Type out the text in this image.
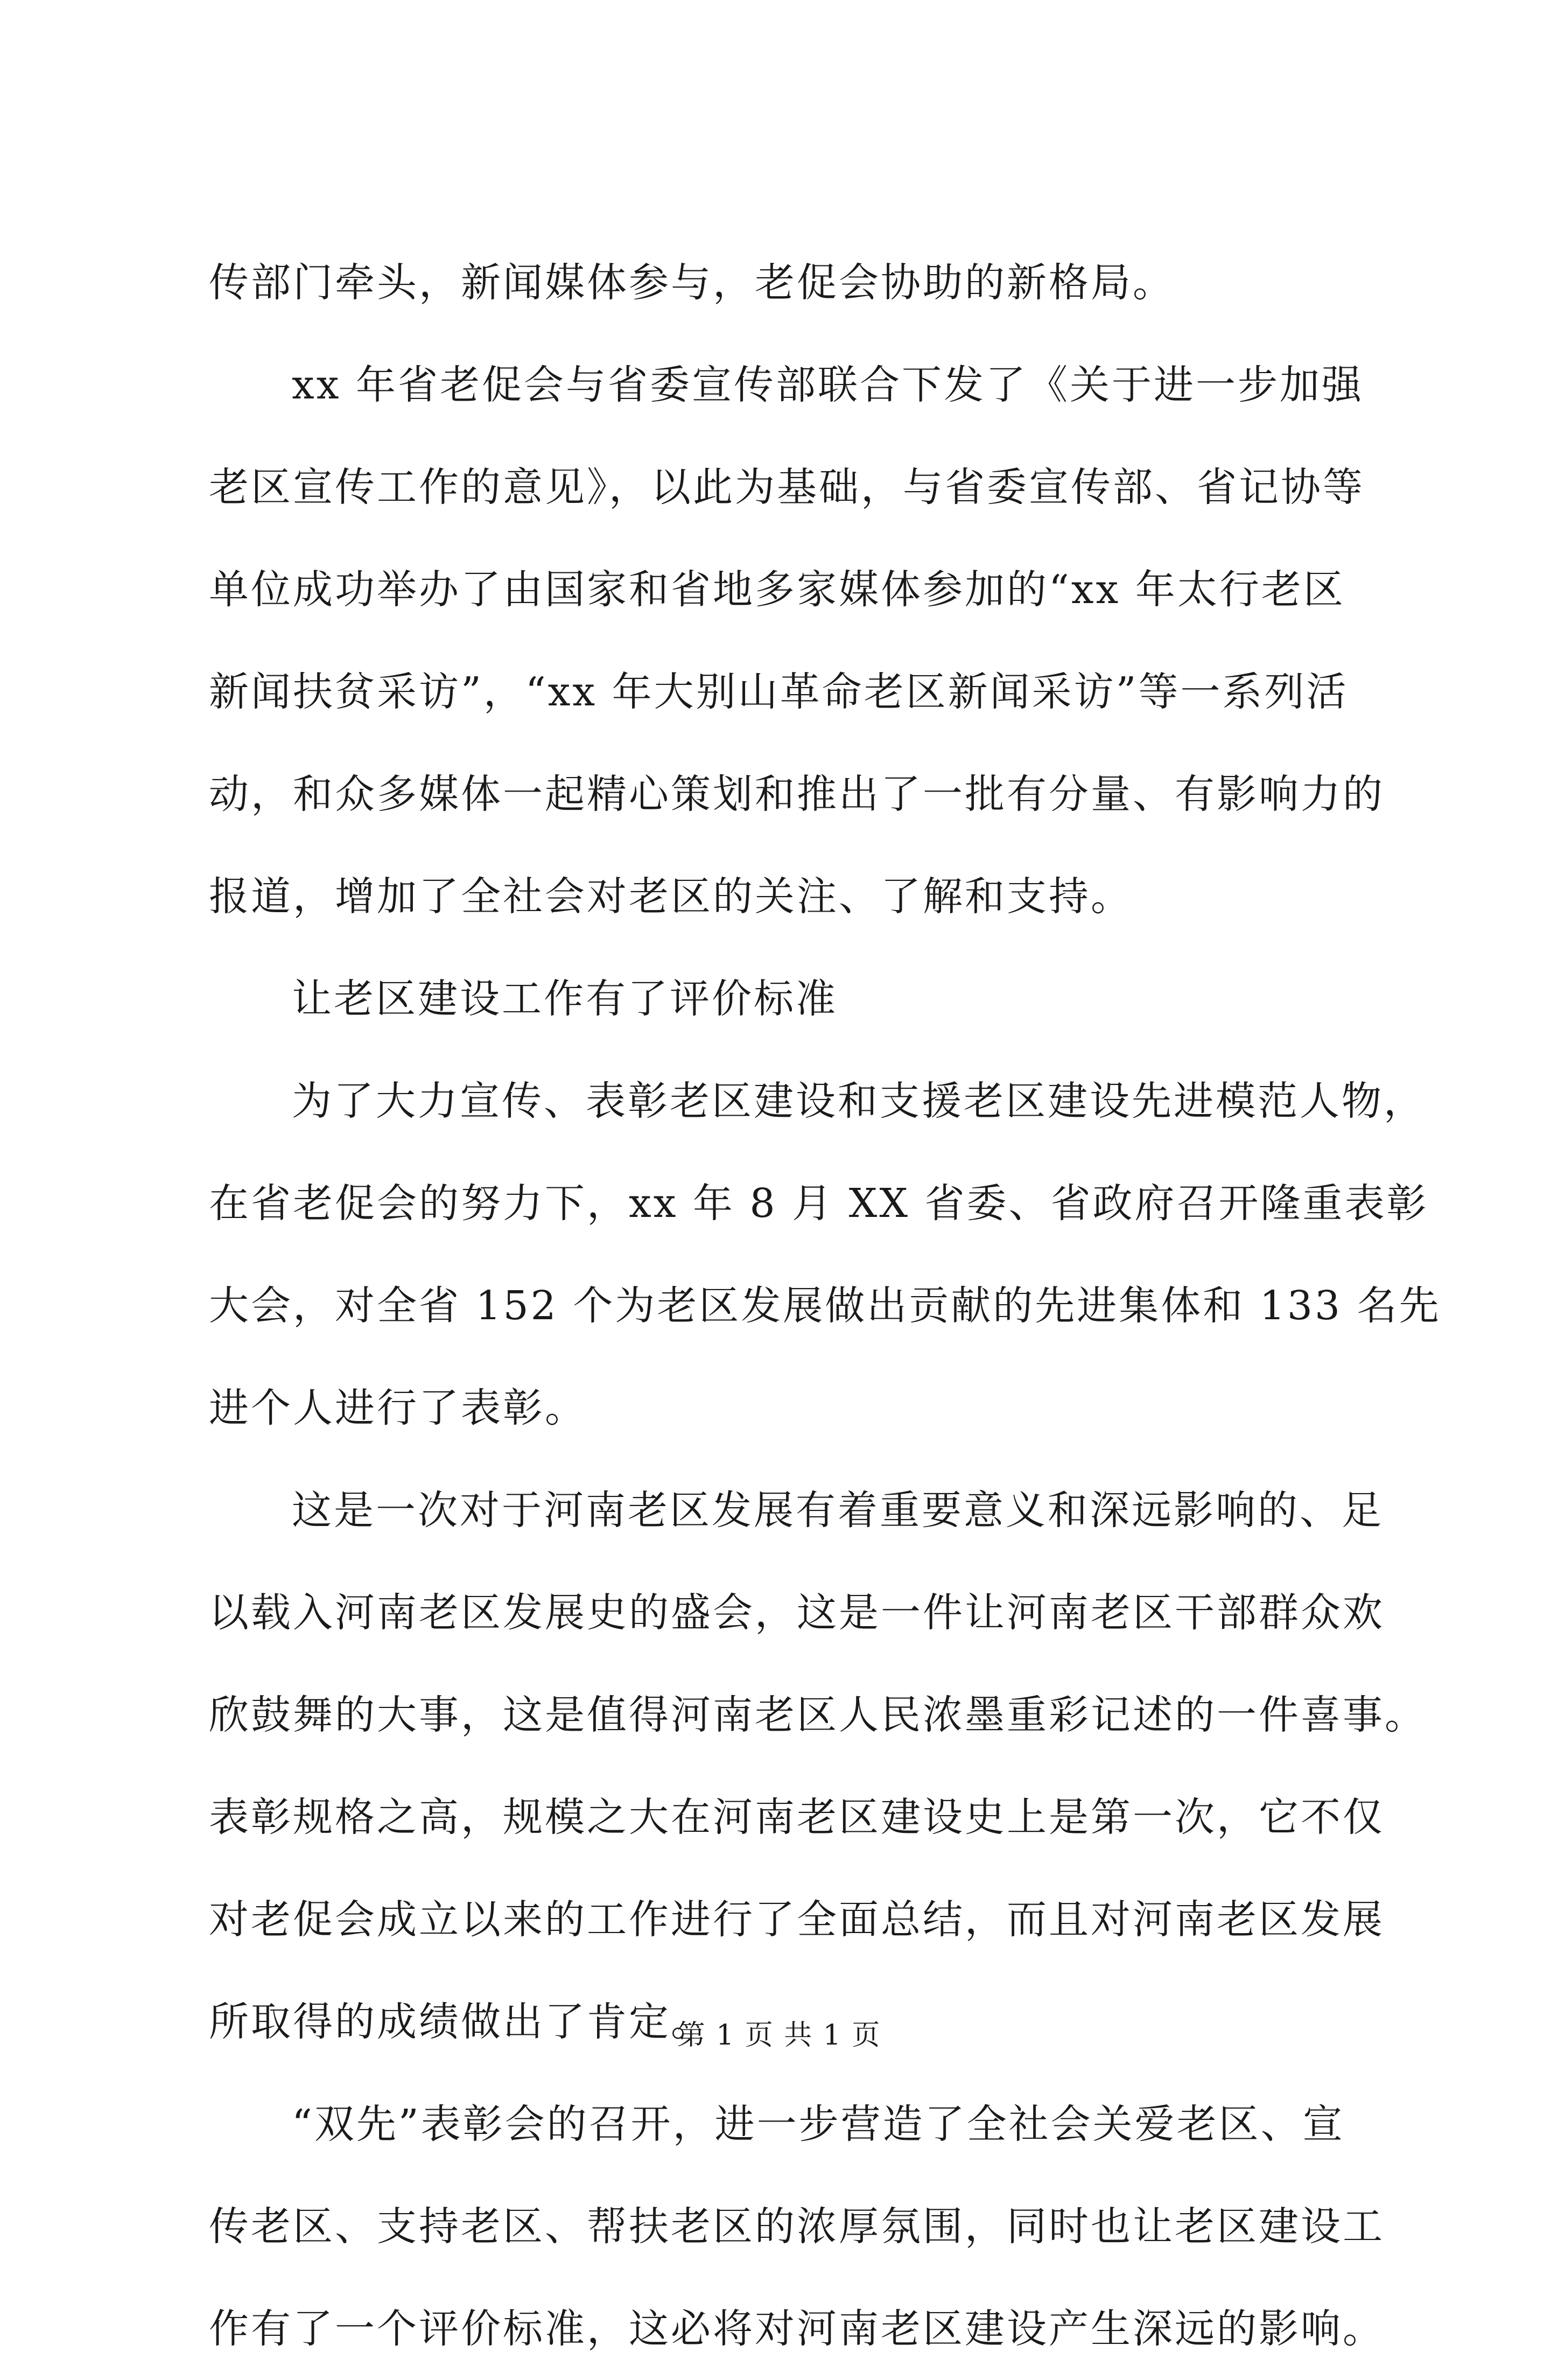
传部门牵头，新闻媒体参与，老促会协助的新格局。
xx 年省老促会与省委宣传部联合下发了《关于进一步加强
老区宣传工作的意见》，以此为基础，与省委宣传部、省记协等
单位成功举办了由国家和省地多家媒体参加的“xx 年太行老区
新闻扶贫采访”，“xx 年大别山革命老区新闻采访”等一系列活
动，和众多媒体一起精心策划和推出了一批有分量、有影响力的
报道，增加了全社会对老区的关注、了解和支持。
让老区建设工作有了评价标准
为了大力宣传、表彰老区建设和支援老区建设先进模范人物，
在省老促会的努力下，xx 年 8 月 XX 省委、省政府召开隆重表彰
大会，对全省 152 个为老区发展做出贡献的先进集体和 133 名先
进个人进行了表彰。
这是一次对于河南老区发展有着重要意义和深远影响的、足
以载入河南老区发展史的盛会，这是一件让河南老区干部群众欢
欣鼓舞的大事，这是值得河南老区人民浓墨重彩记述的一件喜事。
表彰规格之高，规模之大在河南老区建设史上是第一次，它不仅
对老促会成立以来的工作进行了全面总结，而且对河南老区发展
所取得的成绩做出了肯定。
“双先”表彰会的召开，进一步营造了全社会关爱老区、宣
传老区、支持老区、帮扶老区的浓厚氛围，同时也让老区建设工
作有了一个评价标准，这必将对河南老区建设产生深远的影响。
第 1 页 共 1 页
